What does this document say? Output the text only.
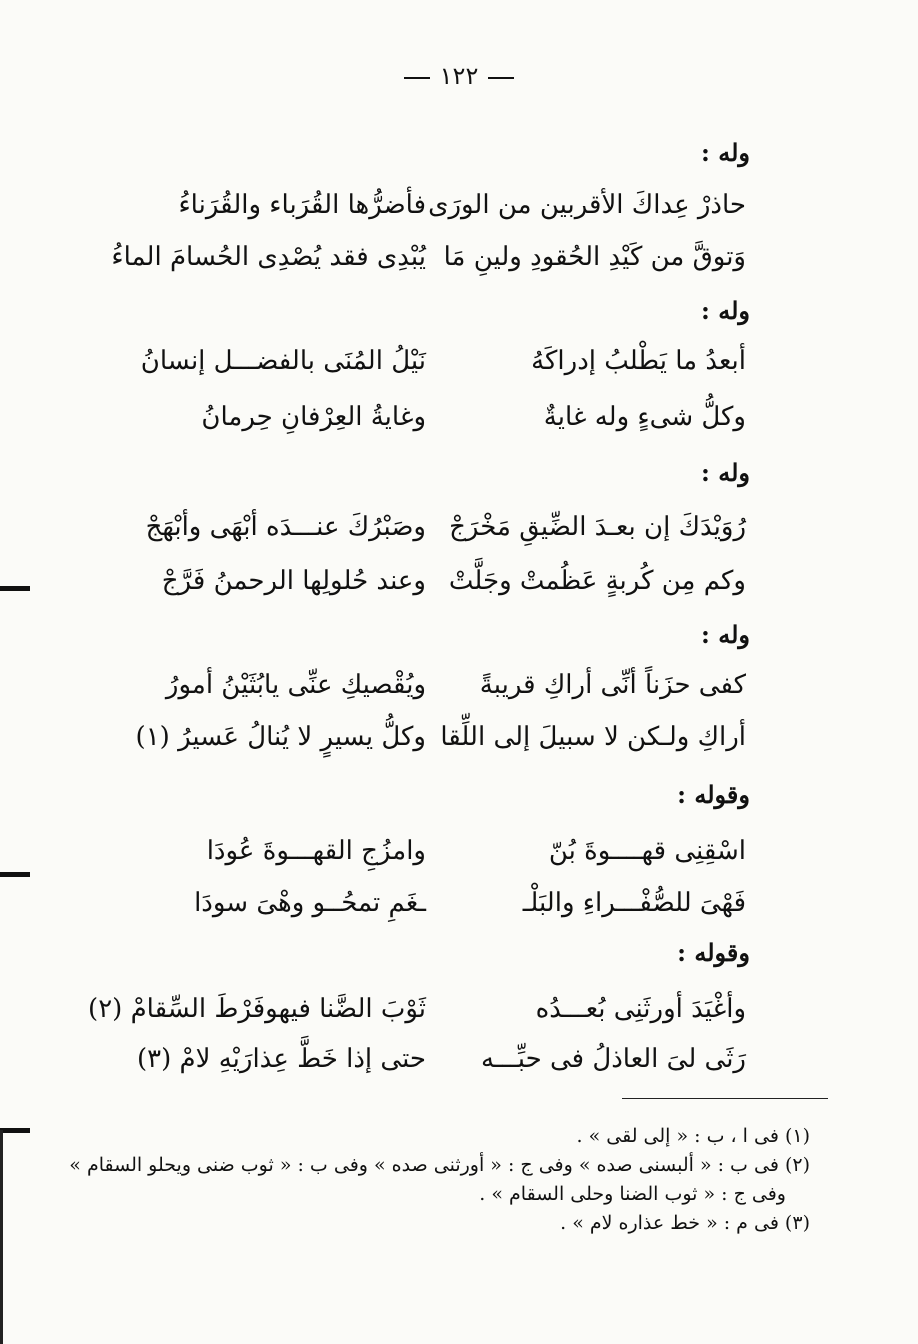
١٢٢
وله :
حاذرْ عِداكَ الأقربين من الورَى
فأضرُّها القُرَباء والقُرَناءُ
وَتوقَّ من كَيْدِ الحُقودِ ولينِ مَا
يُبْدِى فقد يُصْدِى الحُسامَ الماءُ
وله :
أبعدُ ما يَطْلبُ إدراكَهُ
نَيْلُ المُنَى بالفضـــل إنسانُ
وكلُّ شىءٍ وله غايةٌ
وغايةُ العِرْفانِ حِرمانُ
وله :
رُوَيْدَكَ إن بعـدَ الضِّيقِ مَخْرَجْ
وصَبْرُكَ عنـــدَه أبْهَى وأبْهَجْ
وكم مِن كُربةٍ عَظُمتْ وجَلَّتْ
وعند حُلولِها الرحمنُ فَرَّجْ
وله :
كفى حزَناً أنِّى أراكِ قريبةً
ويُقْصيكِ عنِّى يابُثَيْنُ أمورُ
أراكِ ولـكن لا سبيلَ إلى اللِّقا
وكلُّ يسيرٍ لا يُنالُ عَسيرُ (١)
وقوله :
اسْقِنِى قهــــوةَ بُنّ
وامزُجِ القهـــوةَ عُودَا
فَهْىَ للصُّفْـــراءِ والبَلْـ
ـغَمِ تمحُــو وهْىَ سودَا
وقوله :
وأغْيَدَ أورثَنِى بُعـــدُه
ثَوْبَ الضَّنا فيهوفَرْطَ السِّقامْ (٢)
رَثَى لىَ العاذلُ فى حبِّـــه
حتى إذا خَطَّ عِذارَيْهِ لامْ (٣)
(١) فى ا ، ب : « إلى لقى » .
(٢) فى ب : « ألبسنى صده » وفى ج : « أورثنى صده » وفى ب : « ثوب ضنى ويحلو السقام »
وفى ج : « ثوب الضنا وحلى السقام » .
(٣) فى م : « خط عذاره لام » .
